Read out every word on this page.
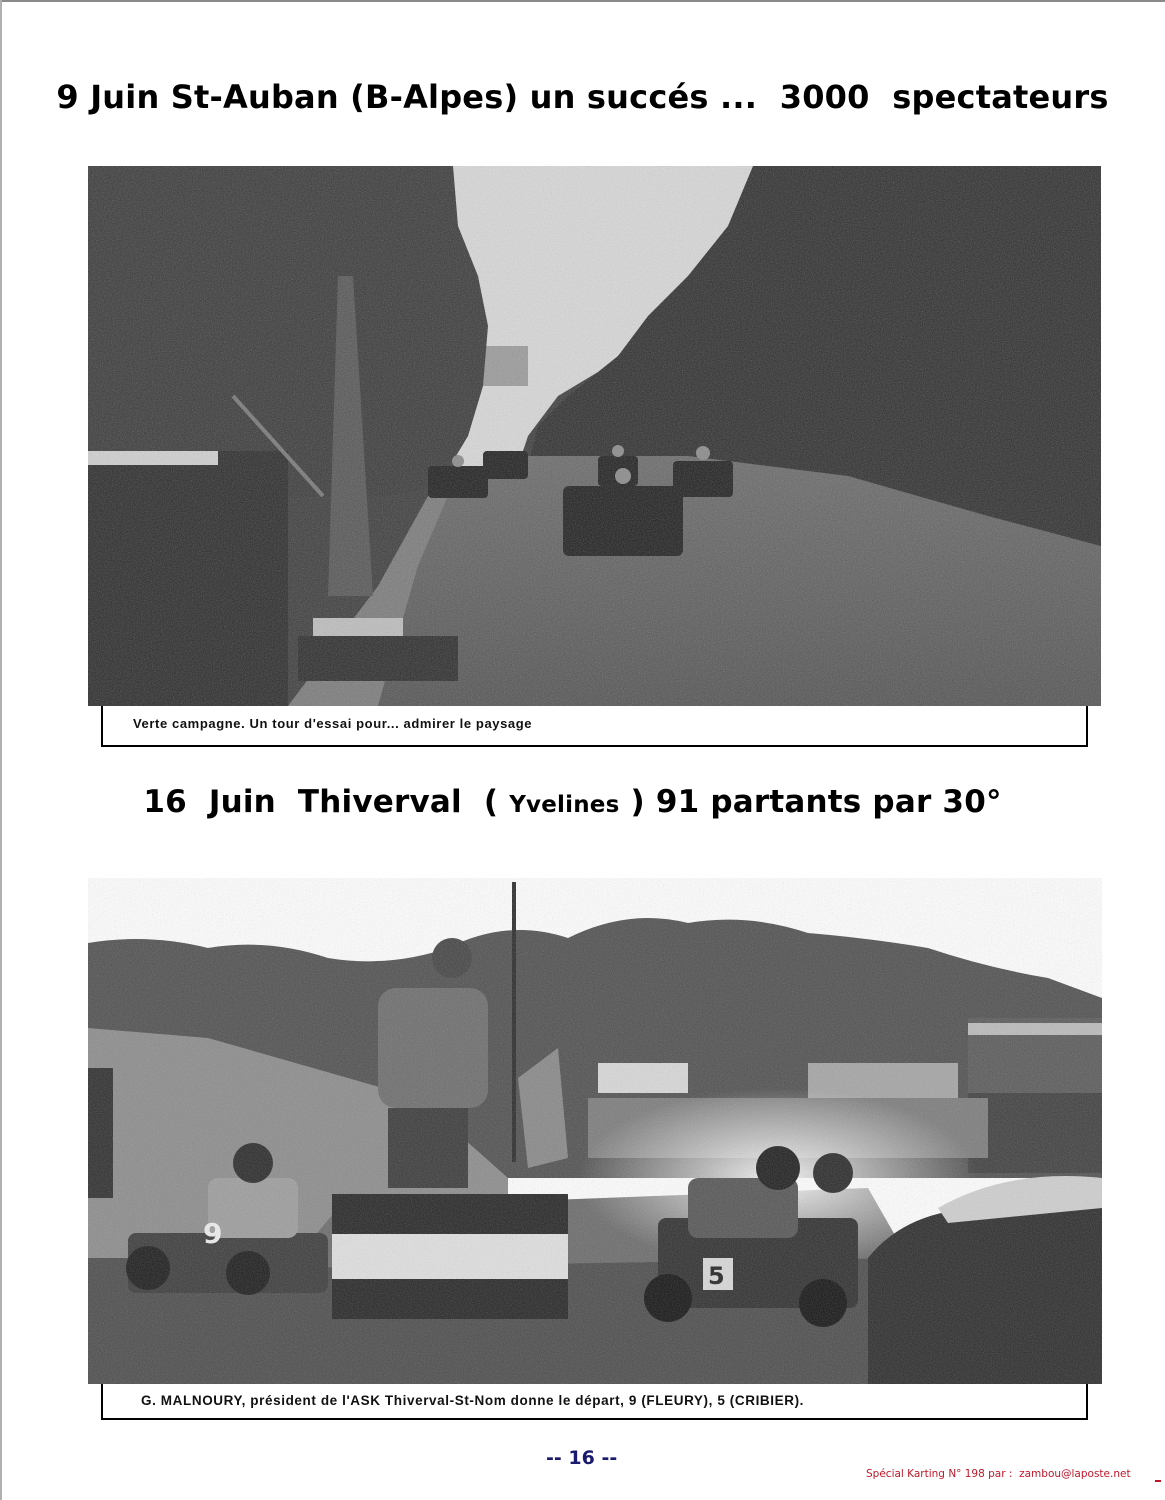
9 Juin St-Auban (B-Alpes) un succés ...  3000  spectateurs
Verte campagne. Un tour d'essai pour... admirer le paysage
16  Juin  Thiverval  ( Yvelines ) 91 partants par 30°
G. MALNOURY, président de l'ASK Thiverval-St-Nom donne le départ, 9 (FLEURY), 5 (CRIBIER).
-- 16 --
Spécial Karting N° 198 par :  zambou@laposte.net
